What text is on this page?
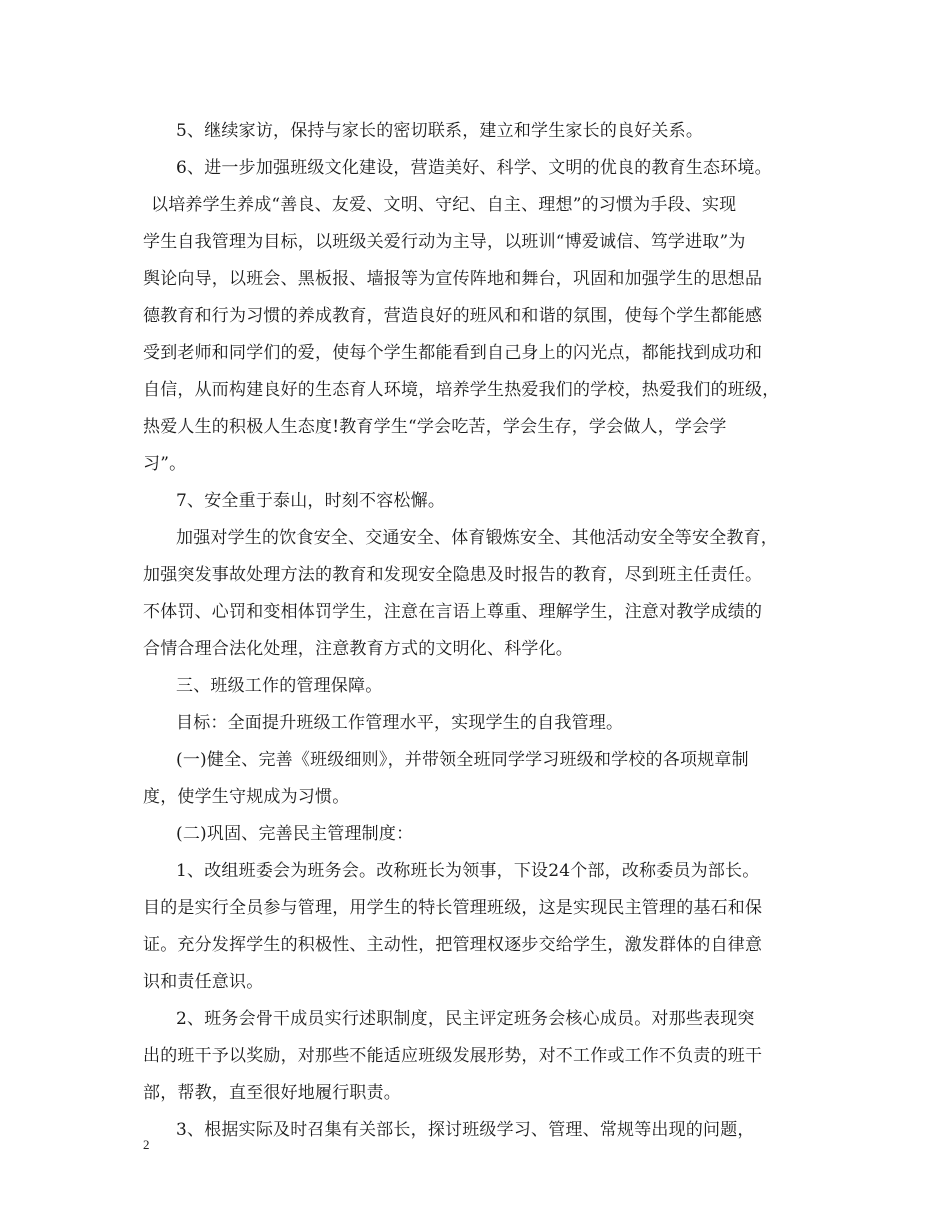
5、继续家访，保持与家长的密切联系，建立和学生家长的良好关系。
6、进一步加强班级文化建设，营造美好、科学、文明的优良的教育生态环境。
以培养学生养成“善良、友爱、文明、守纪、自主、理想”的习惯为手段、实现
学生自我管理为目标，以班级关爱行动为主导，以班训“博爱诚信、笃学进取”为
舆论向导，以班会、黑板报、墙报等为宣传阵地和舞台，巩固和加强学生的思想品
德教育和行为习惯的养成教育，营造良好的班风和和谐的氛围，使每个学生都能感
受到老师和同学们的爱，使每个学生都能看到自己身上的闪光点，都能找到成功和
自信，从而构建良好的生态育人环境，培养学生热爱我们的学校，热爱我们的班级，
热爱人生的积极人生态度!教育学生“学会吃苦，学会生存，学会做人，学会学
习”。
7、安全重于泰山，时刻不容松懈。
加强对学生的饮食安全、交通安全、体育锻炼安全、其他活动安全等安全教育，
加强突发事故处理方法的教育和发现安全隐患及时报告的教育，尽到班主任责任。
不体罚、心罚和变相体罚学生，注意在言语上尊重、理解学生，注意对教学成绩的
合情合理合法化处理，注意教育方式的文明化、科学化。
三、班级工作的管理保障。
目标：全面提升班级工作管理水平，实现学生的自我管理。
(一)健全、完善《班级细则》，并带领全班同学学习班级和学校的各项规章制
度，使学生守规成为习惯。
(二)巩固、完善民主管理制度：
1、改组班委会为班务会。改称班长为领事，下设24个部，改称委员为部长。
目的是实行全员参与管理，用学生的特长管理班级，这是实现民主管理的基石和保
证。充分发挥学生的积极性、主动性，把管理权逐步交给学生，激发群体的自律意
识和责任意识。
2、班务会骨干成员实行述职制度，民主评定班务会核心成员。对那些表现突
出的班干予以奖励，对那些不能适应班级发展形势，对不工作或工作不负责的班干
部，帮教，直至很好地履行职责。
3、根据实际及时召集有关部长，探讨班级学习、管理、常规等出现的问题，
2
